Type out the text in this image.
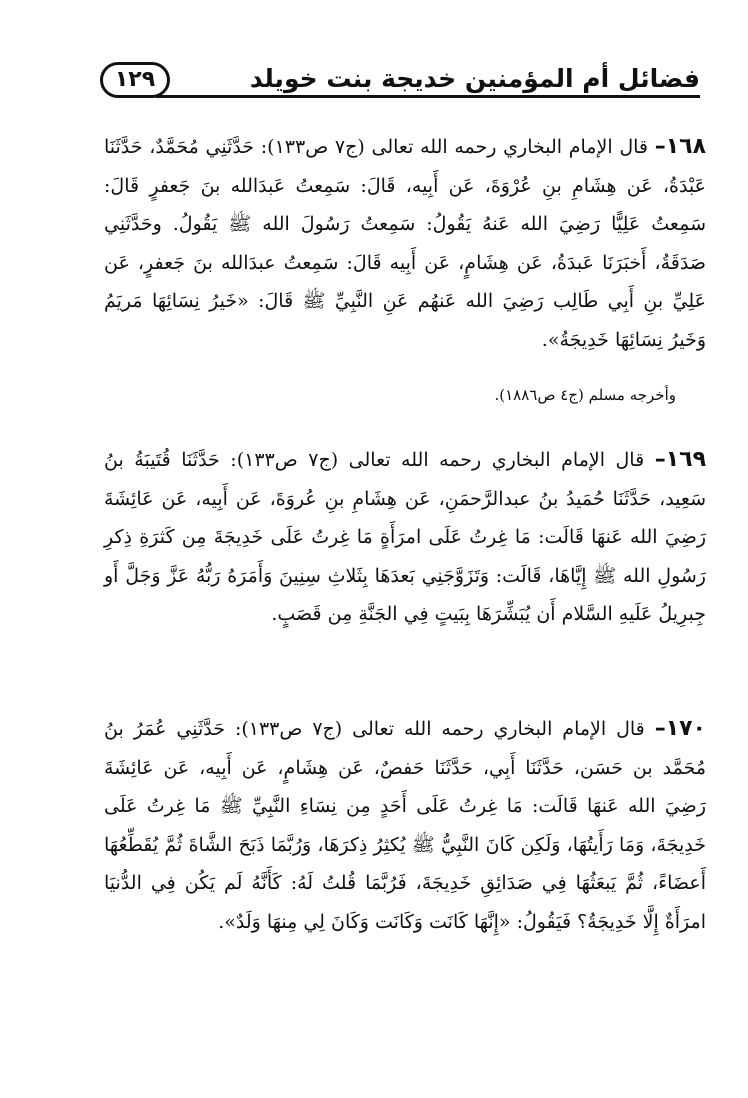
١٢٩	فضائل أم المؤمنين خديجة بنت خويلد

١٦٨– قال الإمام البخاري رحمه الله تعالى (ج٧ ص١٣٣): حَدَّثَنِي مُحَمَّدٌ، حَدَّثَنَا عَبْدَةُ، عَن هِشَامِ بنِ عُرْوَةَ، عَن أَبِيه، قَالَ: سَمِعتُ عَبدَالله بنَ جَعفرٍ قَالَ: سَمِعتُ عَلِيًّا رَضِيَ الله عَنهُ يَقُولُ: سَمِعتُ رَسُولَ الله ﷺ يَقُولُ. وحَدَّثَنِي صَدَقَةُ، أَخبَرَنَا عَبدَةُ، عَن هِشَامٍ، عَن أَبِيه قَالَ: سَمِعتُ عبدَالله بنَ جَعفرٍ، عَن عَلِيِّ بنِ أَبِي طَالِب رَضِيَ الله عَنهُم عَنِ النَّبِيِّ ﷺ قَالَ: «خَيرُ نِسَائِهَا مَريَمُ وَخَيرُ نِسَائِهَا خَدِيجَةُ».

وأخرجه مسلم (ج٤ ص١٨٨٦).

١٦٩– قال الإمام البخاري رحمه الله تعالى (ج٧ ص١٣٣): حَدَّثَنَا قُتَيبَةُ بنُ سَعِيد، حَدَّثَنَا حُمَيدُ بنُ عبدالرَّحمَنِ، عَن هِشَامِ بنِ عُروَةَ، عَن أَبِيه، عَن عَائِشَةَ رَضِيَ الله عَنهَا قَالَت: مَا غِرتُ عَلَى امرَأَةٍ مَا غِرتُ عَلَى خَدِيجَةَ مِن كَثرَةِ ذِكرِ رَسُولِ الله ﷺ إِيَّاهَا، قَالَت: وَتَزَوَّجَنِي بَعدَهَا بِثَلاثِ سِنِينَ وَأَمَرَهُ رَبُّهُ عَزَّ وَجَلَّ أَو جِبرِيلُ عَلَيهِ السَّلام أَن يُبَشِّرَهَا بِبَيتٍ فِي الجَنَّةِ مِن قَصَبٍ.

١٧٠– قال الإمام البخاري رحمه الله تعالى (ج٧ ص١٣٣): حَدَّثَنِي عُمَرُ بنُ مُحَمَّد بن حَسَن، حَدَّثَنَا أَبِي، حَدَّثَنَا حَفصٌ، عَن هِشَامٍ، عَن أَبِيه، عَن عَائِشَةَ رَضِيَ الله عَنهَا قَالَت: مَا غِرتُ عَلَى أَحَدٍ مِن نِسَاءِ النَّبِيِّ ﷺ مَا غِرتُ عَلَى خَدِيجَةَ، وَمَا رَأَيتُهَا، وَلَكِن كَانَ النَّبِيُّ ﷺ يُكثِرُ ذِكرَهَا، وَرُبَّمَا ذَبَحَ الشَّاةَ ثُمَّ يُقَطِّعُهَا أَعضَاءً، ثُمَّ يَبعَثُهَا فِي صَدَائِقِ خَدِيجَةَ، فَرُبَّمَا قُلتُ لَهُ: كَأَنَّهُ لَم يَكُن فِي الدُّنيَا امرَأَةٌ إِلَّا خَدِيجَةُ؟ فَيَقُولُ: «إِنَّهَا كَانَت وَكَانَت وَكَانَ لِي مِنهَا وَلَدٌ».
